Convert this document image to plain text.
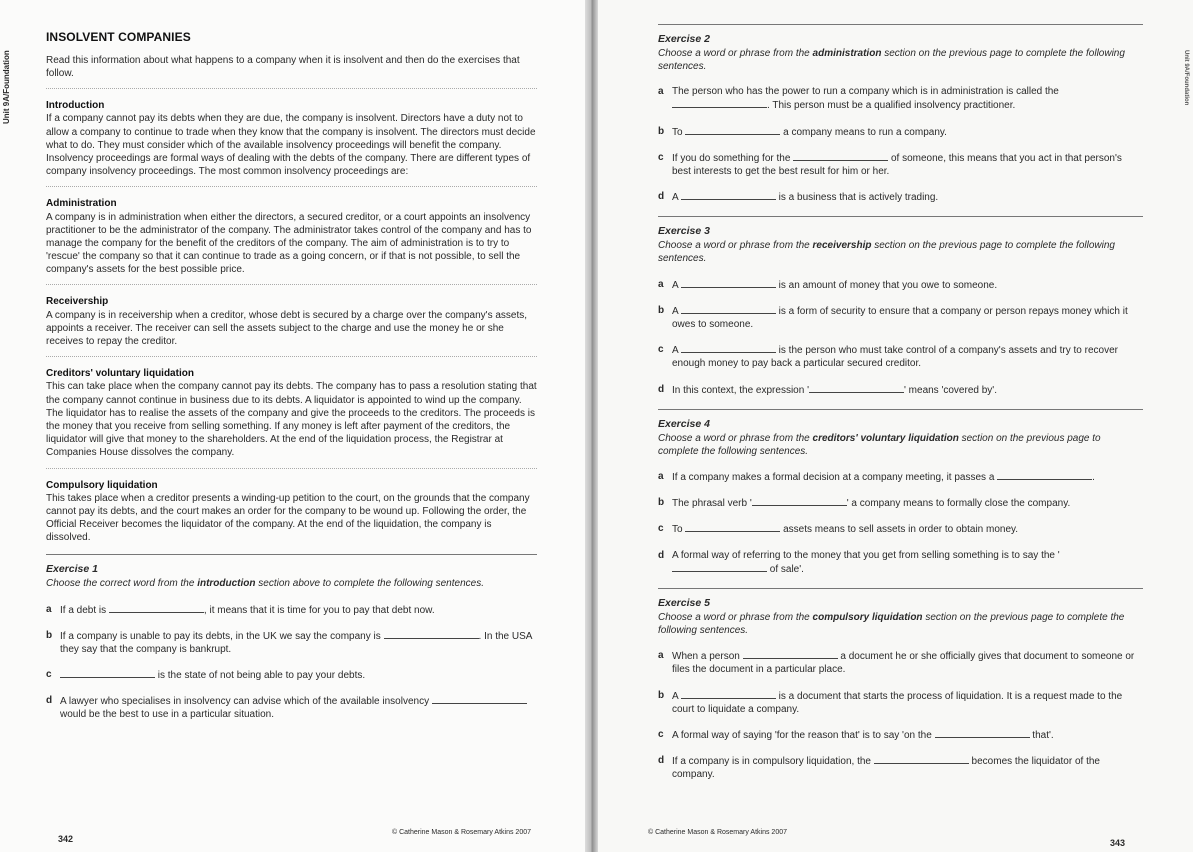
Unit 9A/Foundation
INSOLVENT COMPANIES

Read this information about what happens to a company when it is insolvent and then do the exercises that follow.

Introduction

If a company cannot pay its debts when they are due, the company is insolvent. Directors have a duty not to allow a company to continue to trade when they know that the company is insolvent. The directors must decide what to do. They must consider which of the available insolvency proceedings will benefit the company. Insolvency proceedings are formal ways of dealing with the debts of the company. There are different types of company insolvency proceedings. The most common insolvency proceedings are:

Administration

A company is in administration when either the directors, a secured creditor, or a court appoints an insolvency practitioner to be the administrator of the company. The administrator takes control of the company and has to manage the company for the benefit of the creditors of the company. The aim of administration is to try to 'rescue' the company so that it can continue to trade as a going concern, or if that is not possible, to sell the company's assets for the best possible price.

Receivership

A company is in receivership when a creditor, whose debt is secured by a charge over the company's assets, appoints a receiver. The receiver can sell the assets subject to the charge and use the money he or she receives to repay the creditor.

Creditors' voluntary liquidation

This can take place when the company cannot pay its debts. The company has to pass a resolution stating that the company cannot continue in business due to its debts. A liquidator is appointed to wind up the company. The liquidator has to realise the assets of the company and give the proceeds to the creditors. The proceeds is the money that you receive from selling something. If any money is left after payment of the creditors, the liquidator will give that money to the shareholders. At the end of the liquidation process, the Registrar at Companies House dissolves the company.

Compulsory liquidation

This takes place when a creditor presents a winding-up petition to the court, on the grounds that the company cannot pay its debts, and the court makes an order for the company to be wound up. Following the order, the Official Receiver becomes the liquidator of the company. At the end of the liquidation, the company is dissolved.

Exercise 1

Choose the correct word from the introduction section above to complete the following sentences.

a If a debt is	, it means that it is time for you to pay that debt now.
b If a company is unable to pay its debts, in the UK we say the company is	. In the USA they say that the company is bankrupt.
c	is the state of not being able to pay your debts.
d A lawyer who specialises in insolvency can advise which of the available insolvency  would be the best to use in a particular situation.
342
© Catherine Mason & Rosemary Atkins 2007
Unit 9A/Foundation

Exercise 2

Choose a word or phrase from the administration section on the previous page to complete the following sentences.

a The person who has the power to run a company which is in administration is called the . This person must be a qualified insolvency practitioner.
b To	a company means to run a company.
c If you do something for the	of someone, this means that you act in that person's best interests to get the best result for him or her.
d A	is a business that is actively trading.

Exercise 3

Choose a word or phrase from the receivership section on the previous page to complete the following sentences.

a A	is an amount of money that you owe to someone.
b A	is a form of security to ensure that a company or person repays money which it owes to someone.
c A	is the person who must take control of a company's assets and try to recover enough money to pay back a particular secured creditor.
d In this context, the expression '	' means 'covered by'.

Exercise 4

Choose a word or phrase from the creditors' voluntary liquidation section on the previous page to complete the following sentences.

a If a company makes a formal decision at a company meeting, it passes a	.
b The phrasal verb '	' a company means to formally close the company.
c To	assets means to sell assets in order to obtain money.
d A formal way of referring to the money that you get from selling something is to say the ' of sale'.

Exercise 5

Choose a word or phrase from the compulsory liquidation section on the previous page to complete the following sentences.

a When a person	a document he or she officially gives that document to someone or files the document in a particular place.
b A	is a document that starts the process of liquidation. It is a request made to the court to liquidate a company.
c A formal way of saying 'for the reason that' is to say 'on the	that'.
d If a company is in compulsory liquidation, the	becomes the liquidator of the company.
© Catherine Mason & Rosemary Atkins 2007
343
